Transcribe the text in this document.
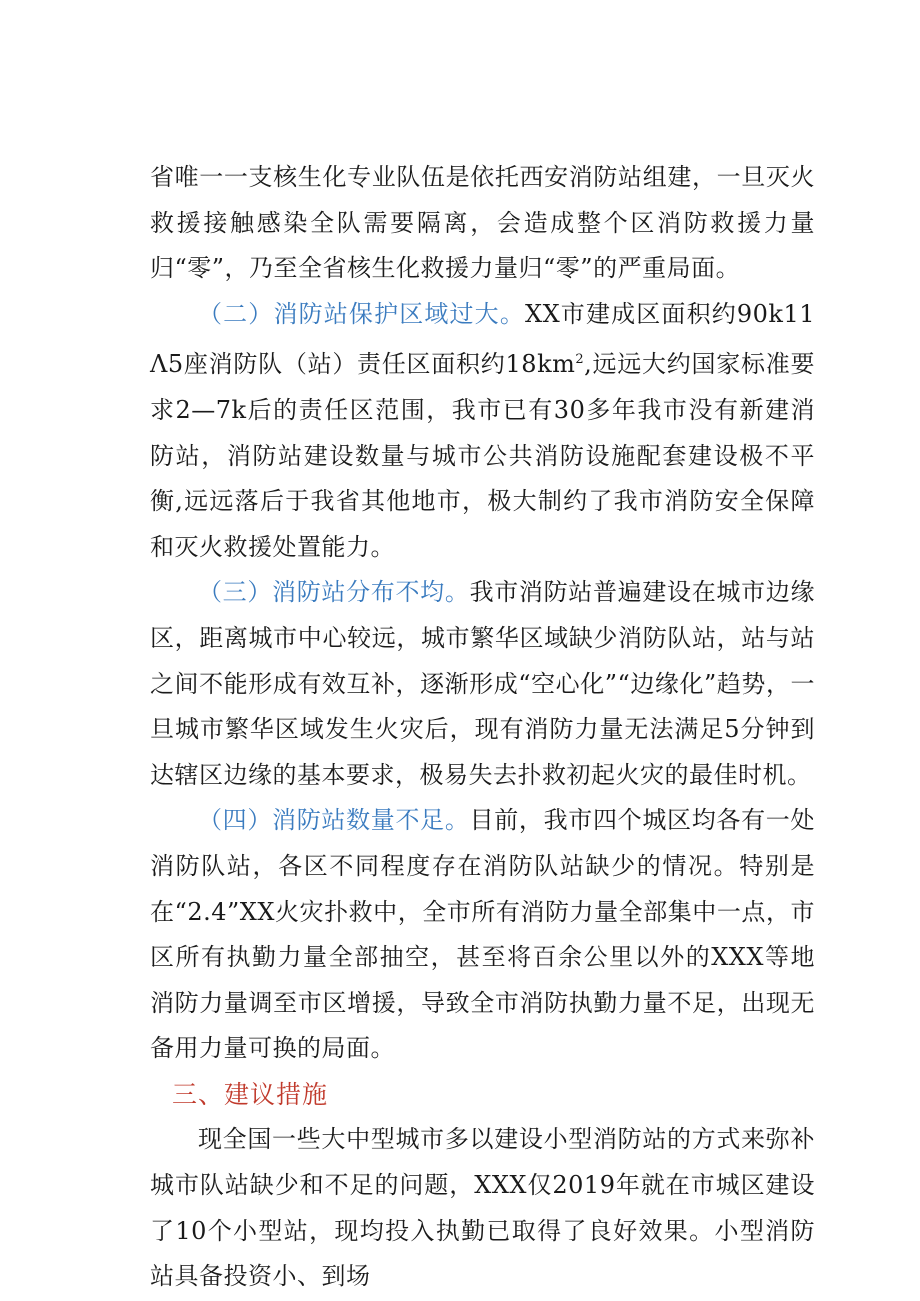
省唯一一支核生化专业队伍是依托西安消防站组建，一旦灭火救援接触感染全队需要隔离，会造成整个区消防救援力量归“零”，乃至全省核生化救援力量归“零”的严重局面。

（二）消防站保护区域过大。XX市建成区面积约90k11Λ5座消防队（站）责任区面积约$18km^2$,远远大约国家标准要求2—7k后的责任区范围，我市已有30多年我市没有新建消防站，消防站建设数量与城市公共消防设施配套建设极不平衡,远远落后于我省其他地市，极大制约了我市消防安全保障和灭火救援处置能力。

（三）消防站分布不均。我市消防站普遍建设在城市边缘区，距离城市中心较远，城市繁华区域缺少消防队站，站与站之间不能形成有效互补，逐渐形成“空心化”“边缘化”趋势，一旦城市繁华区域发生火灾后，现有消防力量无法满足5分钟到达辖区边缘的基本要求，极易失去扑救初起火灾的最佳时机。

（四）消防站数量不足。目前，我市四个城区均各有一处消防队站，各区不同程度存在消防队站缺少的情况。特别是在“2.4”XX火灾扑救中，全市所有消防力量全部集中一点，市区所有执勤力量全部抽空，甚至将百余公里以外的XXX等地消防力量调至市区增援，导致全市消防执勤力量不足，出现无备用力量可换的局面。

三、建议措施

现全国一些大中型城市多以建设小型消防站的方式来弥补城市队站缺少和不足的问题，XXX仅2019年就在市城区建设了10个小型站，现均投入执勤已取得了良好效果。小型消防站具备投资小、到场
